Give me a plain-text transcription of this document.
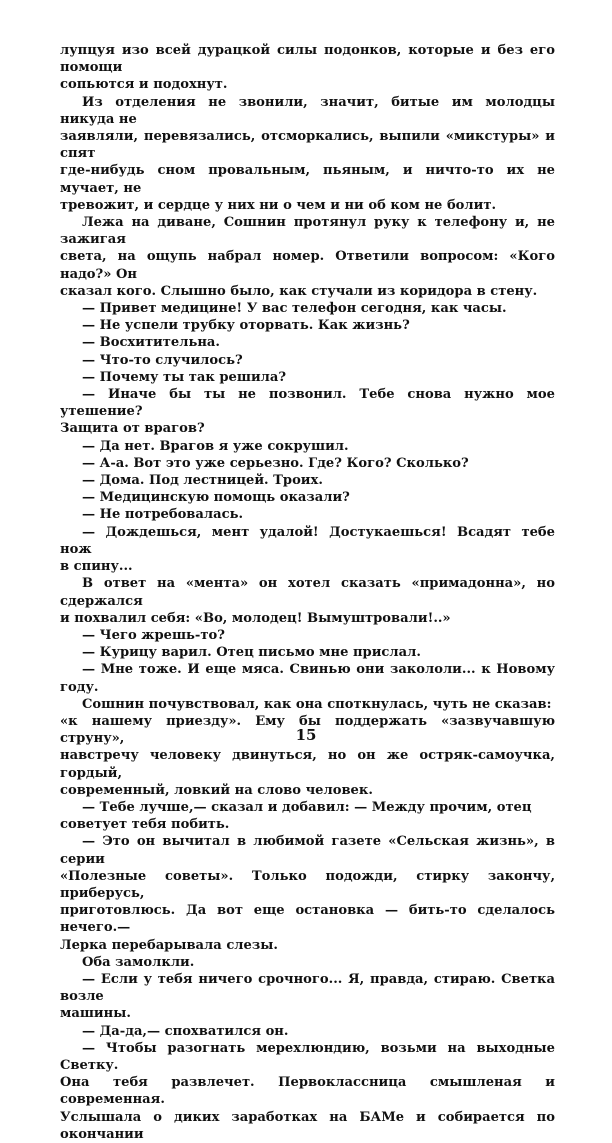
лупцуя изо всей дурацкой силы подонков, которые и без его помощи
сопьются и подохнут.

Из отделения не звонили, значит, битые им молодцы никуда не
заявляли, перевязались, отсморкались, выпили «микстуры» и спят
где-нибудь сном провальным, пьяным, и ничто-то их не мучает, не
тревожит, и сердце у них ни о чем и ни об ком не болит.

Лежа на диване, Сошнин протянул руку к телефону и, не зажигая
света, на ощупь набрал номер. Ответили вопросом: «Кого надо?» Он
сказал кого. Слышно было, как стучали из коридора в стену.

— Привет медицине! У вас телефон сегодня, как часы.

— Не успели трубку оторвать. Как жизнь?

— Восхитительна.

— Что-то случилось?

— Почему ты так решила?

— Иначе бы ты не позвонил. Тебе снова нужно мое утешение?
Защита от врагов?

— Да нет. Врагов я уже сокрушил.

— А-а. Вот это уже серьезно. Где? Кого? Сколько?

— Дома. Под лестницей. Троих.

— Медицинскую помощь оказали?

— Не потребовалась.

— Дождешься, мент удалой! Достукаешься! Всадят тебе нож
в спину...

В ответ на «мента» он хотел сказать «примадонна», но сдержался
и похвалил себя: «Во, молодец! Вымуштровали!..»

— Чего жрешь-то?

— Курицу варил. Отец письмо мне прислал.

— Мне тоже. И еще мяса. Свинью они закололи... к Новому году.

Сошнин почувствовал, как она споткнулась, чуть не сказав:
«к нашему приезду». Ему бы поддержать «зазвучавшую струну»,
навстречу человеку двинуться, но он же остряк-самоучка, гордый,
современный, ловкий на слово человек.

— Тебе лучше,— сказал и добавил: — Между прочим, отец
советует тебя побить.

— Это он вычитал в любимой газете «Сельская жизнь», в серии
«Полезные советы». Только подожди, стирку закончу, приберусь,
приготовлюсь. Да вот еще остановка — бить-то сделалось нечего.—
Лерка перебарывала слезы.

Оба замолкли.

— Если у тебя ничего срочного... Я, правда, стираю. Светка возле
машины.

— Да-да,— спохватился он.

— Чтобы разогнать мерехлюндию, возьми на выходные Светку.
Она тебя развлечет. Первоклассница смышленая и современная.
Услышала о диких заработках на БАМе и собирается по окончании

15
